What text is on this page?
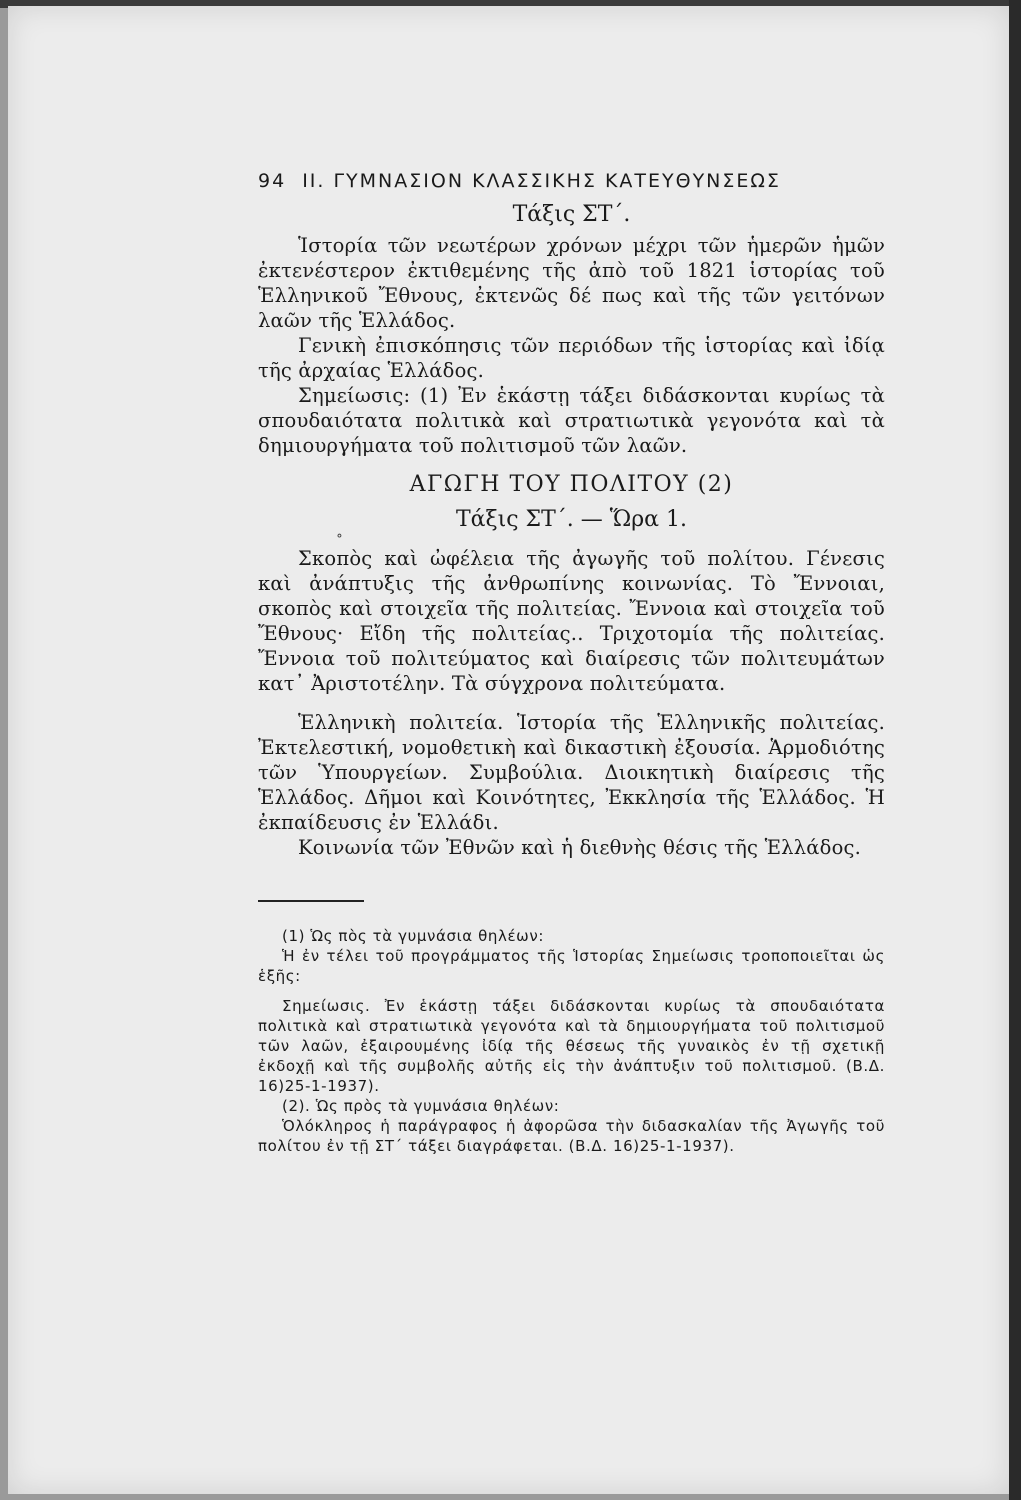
∘
94 II. ΓΥΜΝΑΣΙΟΝ ΚΛΑΣΣΙΚΗΣ ΚΑΤΕΥΘΥΝΣΕΩΣ
Τάξις ΣΤ΄.

Ἱστορία τῶν νεωτέρων χρόνων μέχρι τῶν ἡμερῶν ἡμῶν ἐκτενέστερον ἐκτιθεμένης τῆς ἀπὸ τοῦ 1821 ἱστορίας τοῦ Ἑλληνικοῦ Ἔθνους, ἐκτενῶς δέ πως καὶ τῆς τῶν γειτόνων λαῶν τῆς Ἑλλάδος.

Γενικὴ ἐπισκόπησις τῶν περιόδων τῆς ἱστορίας καὶ ἰδίᾳ τῆς ἀρχαίας Ἑλλάδος.

Σημείωσις: (1) Ἐν ἑκάστῃ τάξει διδάσκονται κυρίως τὰ σπουδαιότατα πολιτικὰ καὶ στρατιωτικὰ γεγονότα καὶ τὰ δημιουργήματα τοῦ πολιτισμοῦ τῶν λαῶν.

ΑΓΩΓΗ ΤΟΥ ΠΟΛΙΤΟΥ (2)
Τάξις ΣΤ΄. — Ὥρα 1.

Σκοπὸς καὶ ὠφέλεια τῆς ἀγωγῆς τοῦ πολίτου. Γένεσις καὶ ἀνάπτυξις τῆς ἀνθρωπίνης κοινωνίας. Τὸ Ἔννοιαι, σκοπὸς καὶ στοιχεῖα τῆς πολιτείας. Ἔννοια καὶ στοιχεῖα τοῦ Ἔθνους· Εἴδη τῆς πολιτείας.. Τριχοτομία τῆς πολιτείας. Ἔννοια τοῦ πολιτεύματος καὶ διαίρεσις τῶν πολιτευμάτων κατ᾽ Ἀριστοτέλην. Τὰ σύγχρονα πολιτεύματα.

Ἑλληνικὴ πολιτεία. Ἱστορία τῆς Ἑλληνικῆς πολιτείας. Ἐκτελεστική, νομοθετικὴ καὶ δικαστικὴ ἐξουσία. Ἁρμοδιότης τῶν Ὑπουργείων. Συμβούλια. Διοικητικὴ διαίρεσις τῆς Ἑλλάδος. Δῆμοι καὶ Κοινότητες, Ἐκκλησία τῆς Ἑλλάδος. Ἡ ἐκπαίδευσις ἐν Ἑλλάδι.

Κοινωνία τῶν Ἐθνῶν καὶ ἡ διεθνὴς θέσις τῆς Ἑλλάδος.

(1) Ὡς πὸς τὰ γυμνάσια θηλέων:

Ἡ ἐν τέλει τοῦ προγράμματος τῆς Ἱστορίας Σημείωσις τροποποιεῖται ὡς ἑξῆς:

Σημείωσις. Ἐν ἑκάστῃ τάξει διδάσκονται κυρίως τὰ σπουδαιότατα πολιτικὰ καὶ στρατιωτικὰ γεγονότα καὶ τὰ δημιουργήματα τοῦ πολιτισμοῦ τῶν λαῶν, ἐξαιρουμένης ἰδίᾳ τῆς θέσεως τῆς γυναικὸς ἐν τῇ σχετικῇ ἐκδοχῇ καὶ τῆς συμβολῆς αὐτῆς εἰς τὴν ἀνάπτυξιν τοῦ πολιτισμοῦ. (Β.Δ. 16)25-1-1937).

(2). Ὡς πρὸς τὰ γυμνάσια θηλέων:

Ὁλόκληρος ἡ παράγραφος ἡ ἀφορῶσα τὴν διδασκαλίαν τῆς Ἀγωγῆς τοῦ πολίτου ἐν τῇ ΣΤ΄ τάξει διαγράφεται. (Β.Δ. 16)25-1-1937).
